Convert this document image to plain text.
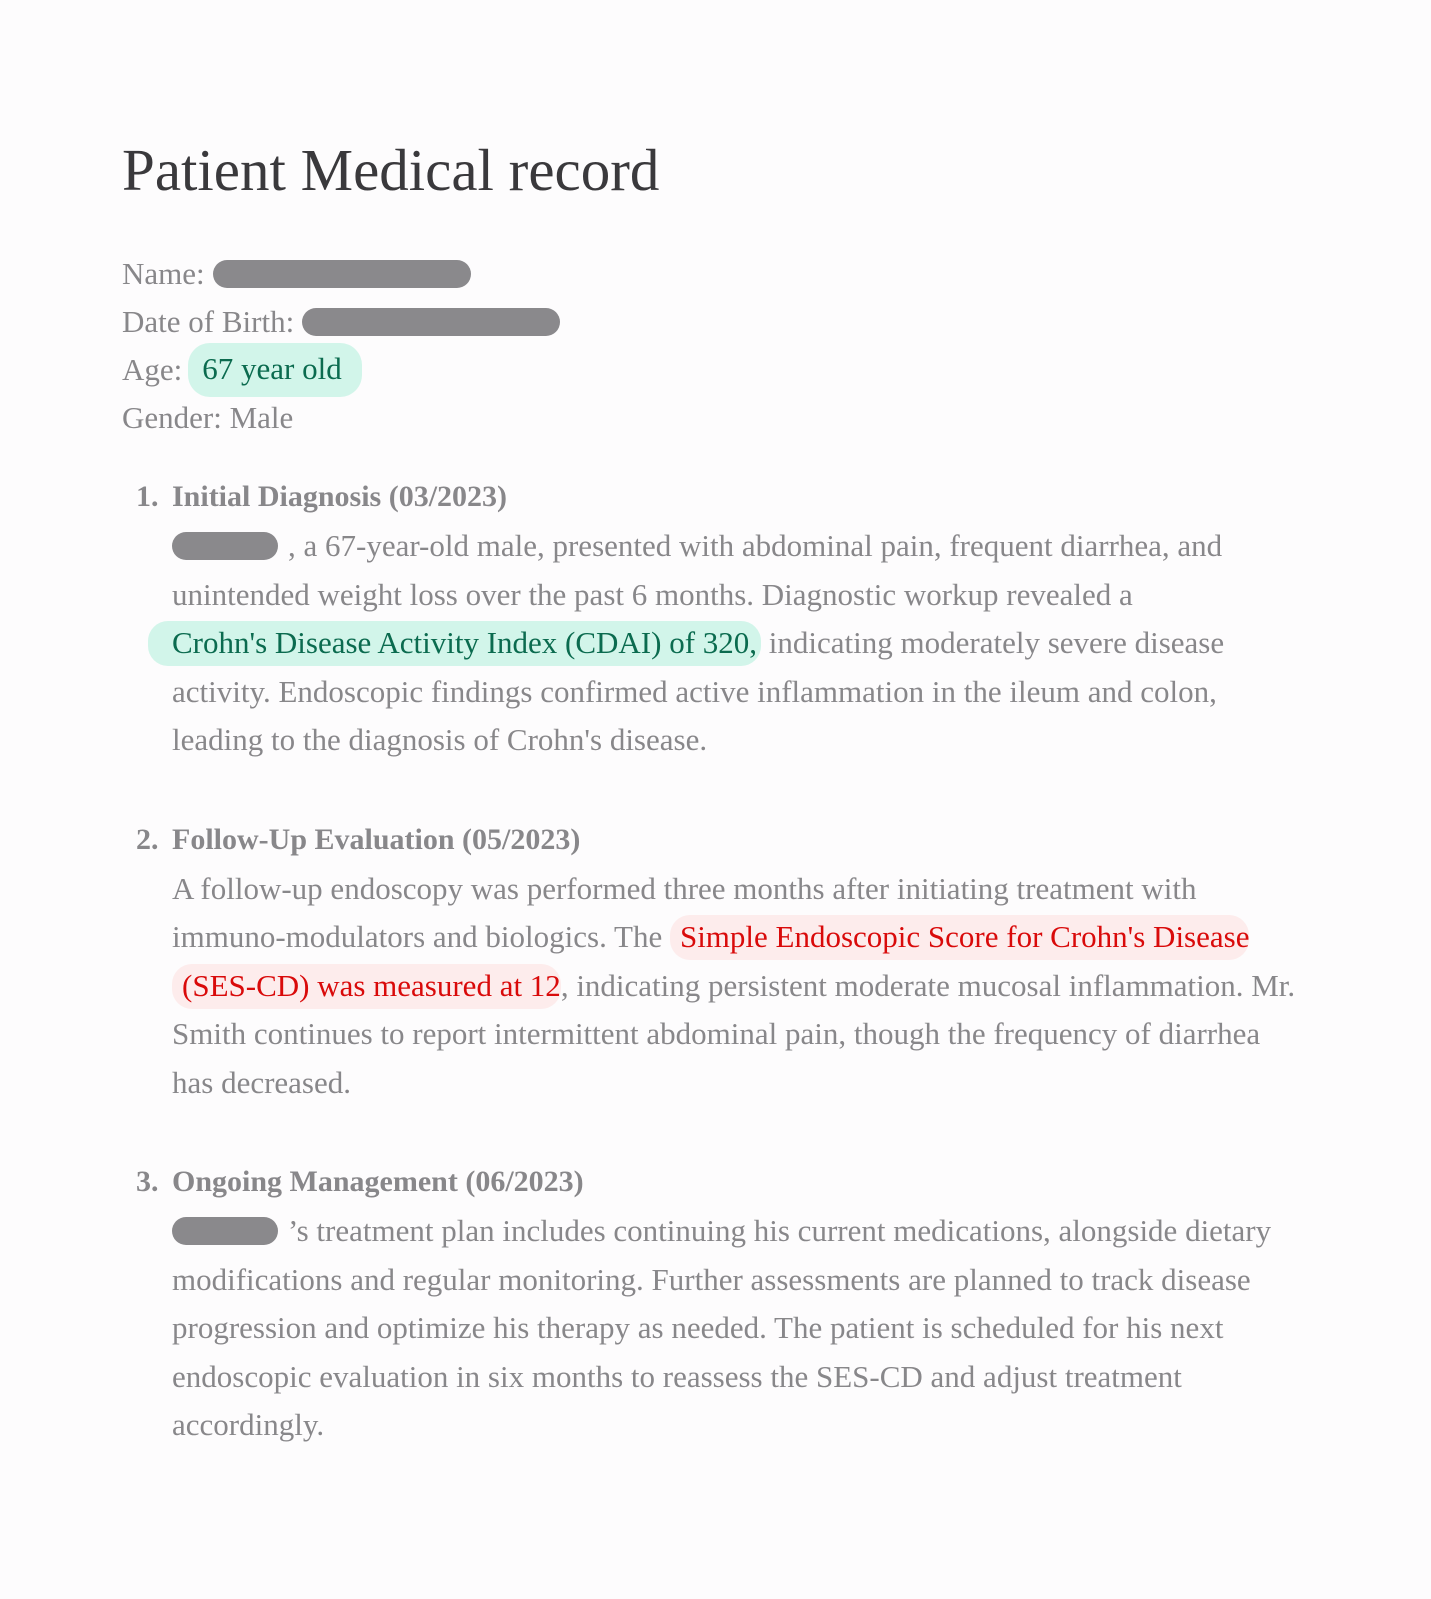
Patient Medical record
Name:
Date of Birth:
Age: 67 year old
Gender:
Male
1. Initial Diagnosis (03/2023)
, a 67-year-old male, presented with abdominal pain, frequent diarrhea, and unintended weight loss over the past 6 months. Diagnostic workup revealed a
Crohn's Disease Activity Index (CDAI) of 320, indicating moderately severe disease activity. Endoscopic findings confirmed active inflammation in the ileum and colon, leading to the diagnosis of Crohn's disease.
2. Follow-Up Evaluation (05/2023)
A follow-up endoscopy was performed three months after initiating treatment with immuno-modulators and biologics. The Simple Endoscopic Score for Crohn's Disease (SES-CD) was measured at 12, indicating persistent moderate mucosal inflammation. Mr. Smith continues to report intermittent abdominal pain, though the frequency of diarrhea has decreased.
3. Ongoing Management (06/2023)
’s treatment plan includes continuing his current medications, alongside dietary modifications and regular monitoring. Further assessments are planned to track disease progression and optimize his therapy as needed. The patient is scheduled for his next endoscopic evaluation in six months to reassess the SES-CD and adjust treatment accordingly.
